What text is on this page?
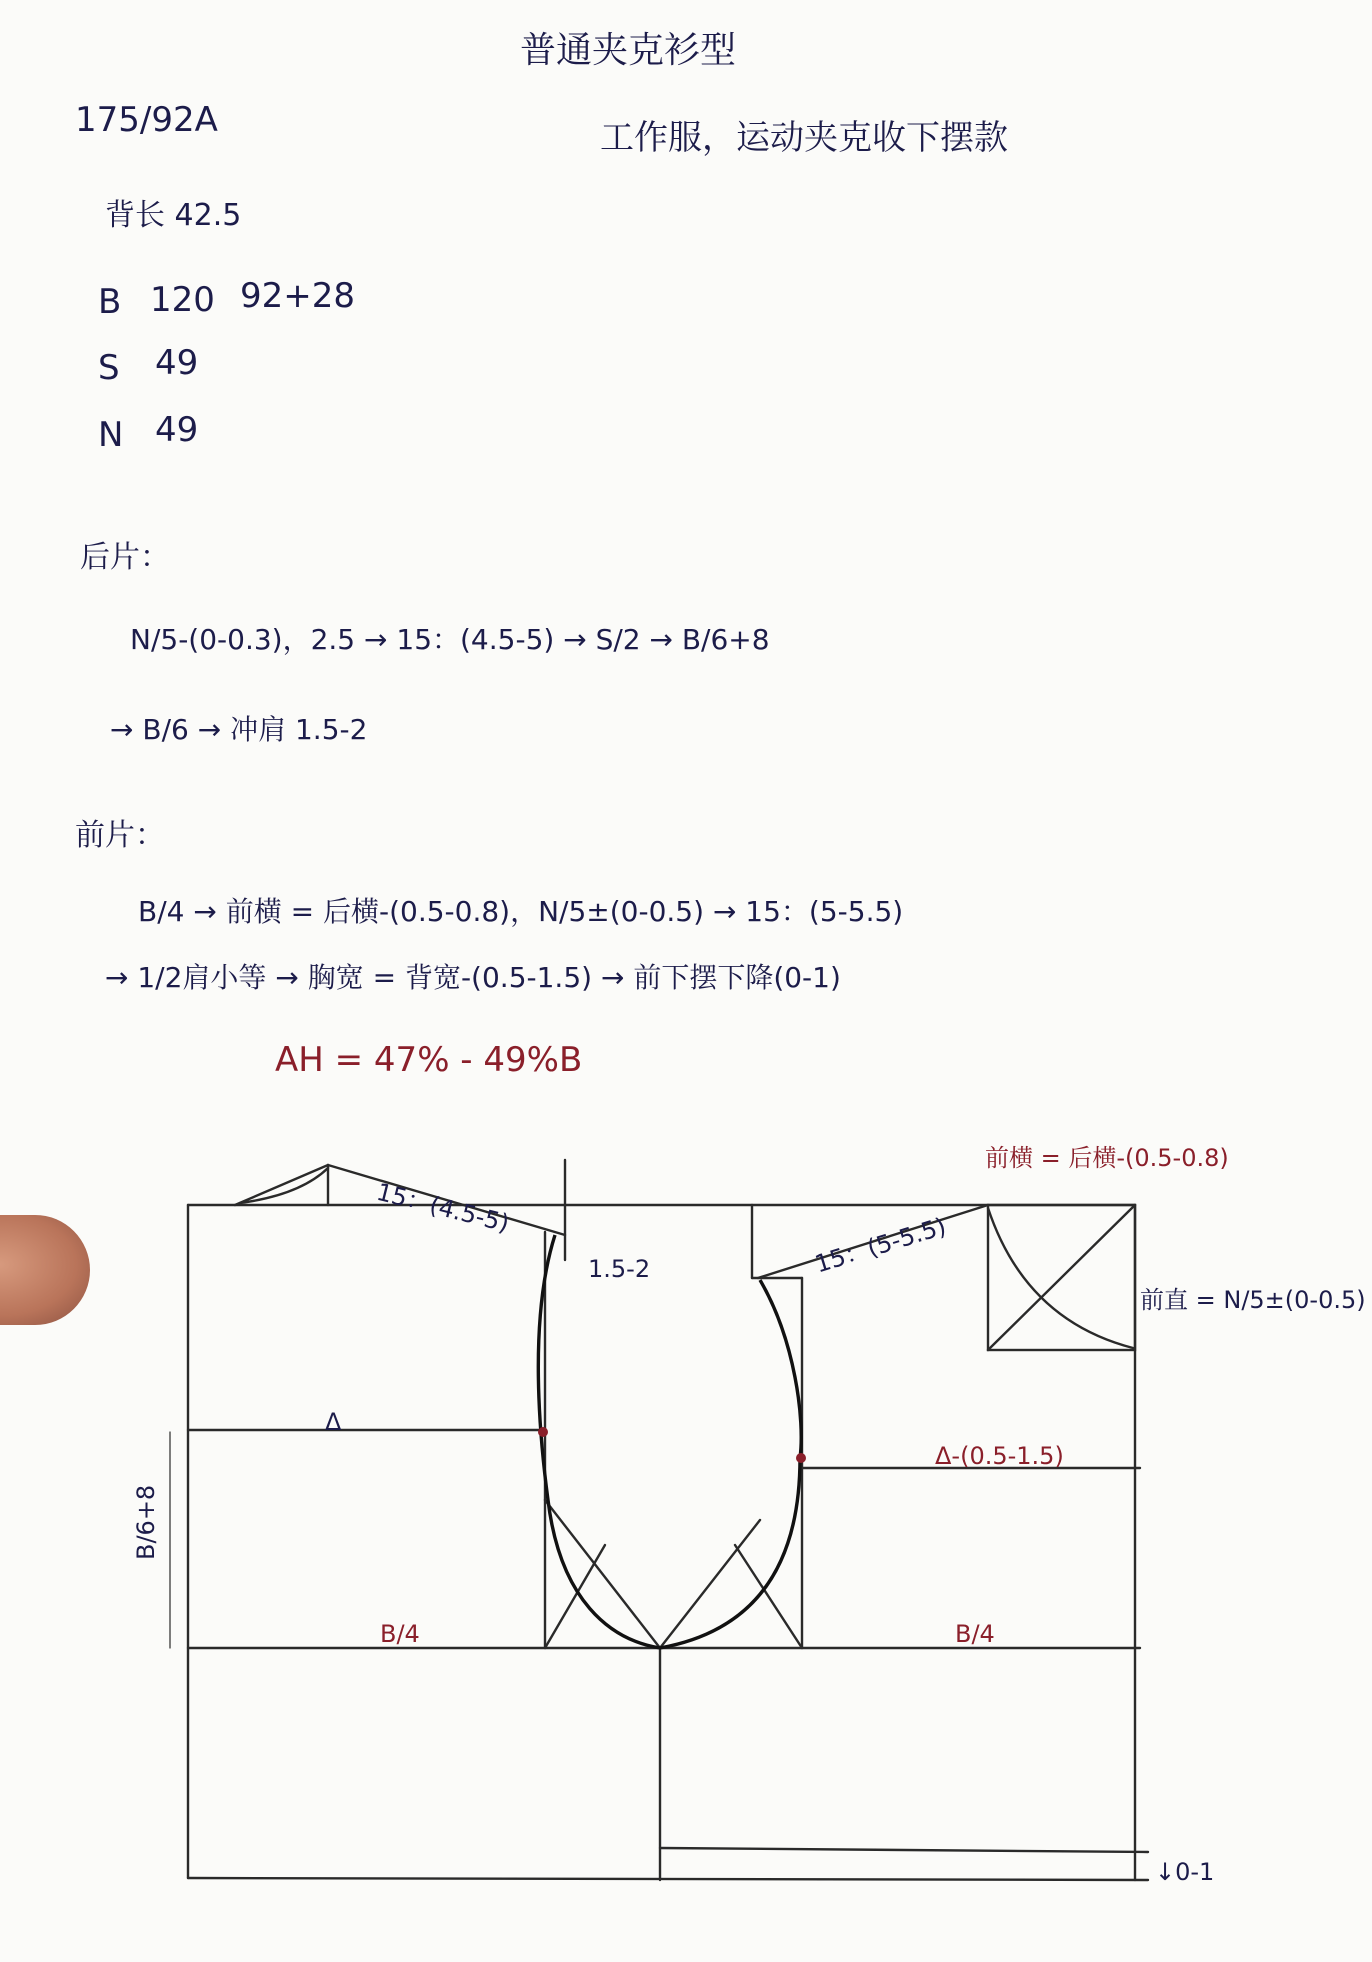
普通夹克衫型
175/92A	工作服，运动夹克收下摆款
背长 42.5
B 120 92+28
S 49
N 49
后片：
N/5-(0-0.3)，2.5 → 15：(4.5-5) → S/2 → B/6+8
→ B/6 → 冲肩 1.5-2
前片：
B/4 → 前横 = 后横-(0.5-0.8)，N/5±(0-0.5) → 15：(5-5.5)
→ 1/2肩小等 → 胸宽 = 背宽-(0.5-1.5) → 前下摆下降(0-1)
AH = 47% - 49%B
15：(4.5-5)
1.5-2
前横 = 后横-(0.5-0.8)
15：(5-5.5)
前直 = N/5±(0-0.5)
Δ
Δ-(0.5-1.5)
B/6+8
B/4	B/4
↓0-1
